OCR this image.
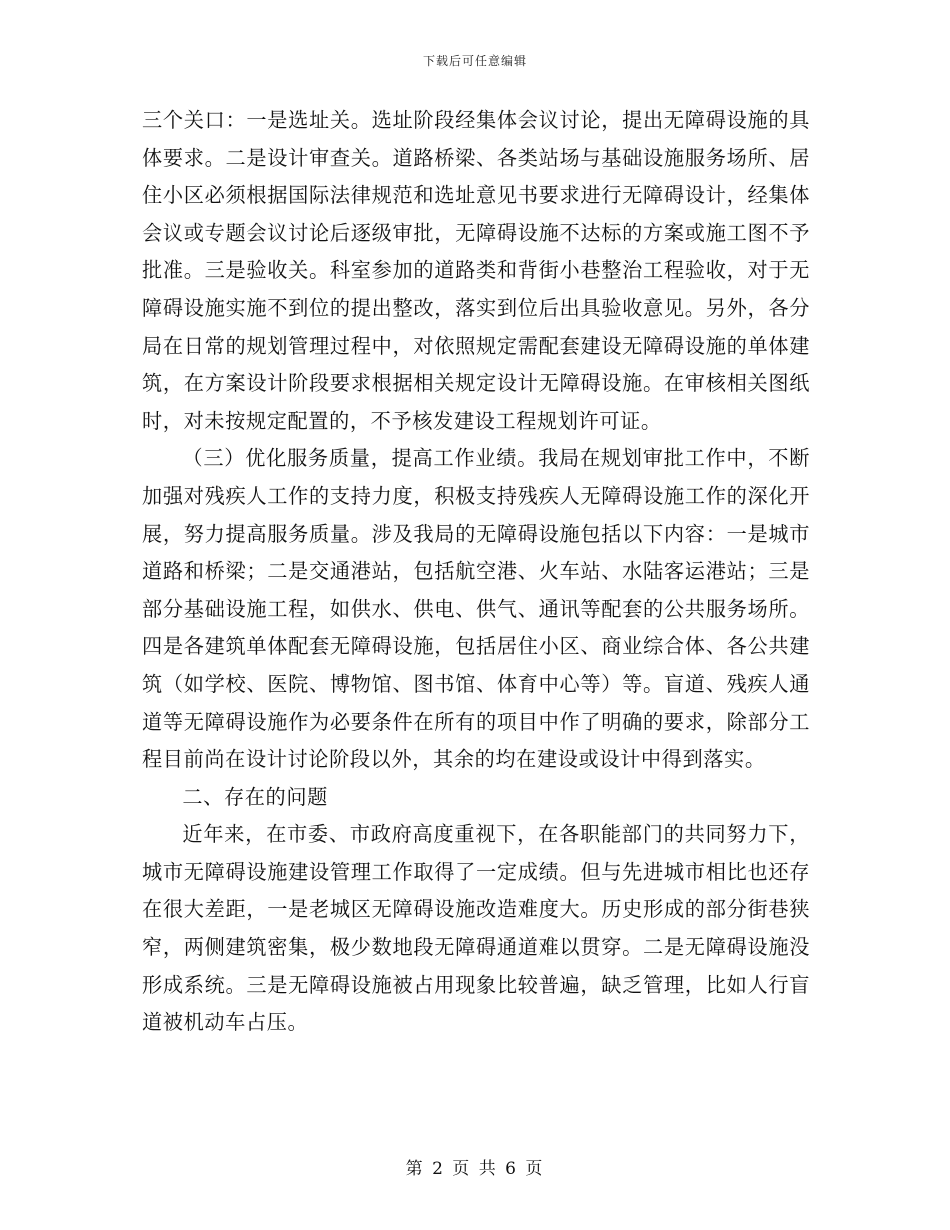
下载后可任意编辑

三个关口：一是选址关。选址阶段经集体会议讨论，提出无障碍设施的具体要求。二是设计审查关。道路桥梁、各类站场与基础设施服务场所、居住小区必须根据国际法律规范和选址意见书要求进行无障碍设计，经集体会议或专题会议讨论后逐级审批，无障碍设施不达标的方案或施工图不予批准。三是验收关。科室参加的道路类和背街小巷整治工程验收，对于无障碍设施实施不到位的提出整改，落实到位后出具验收意见。另外，各分局在日常的规划管理过程中，对依照规定需配套建设无障碍设施的单体建筑，在方案设计阶段要求根据相关规定设计无障碍设施。在审核相关图纸时，对未按规定配置的，不予核发建设工程规划许可证。

（三）优化服务质量，提高工作业绩。我局在规划审批工作中，不断加强对残疾人工作的支持力度，积极支持残疾人无障碍设施工作的深化开展，努力提高服务质量。涉及我局的无障碍设施包括以下内容：一是城市道路和桥梁；二是交通港站，包括航空港、火车站、水陆客运港站；三是部分基础设施工程，如供水、供电、供气、通讯等配套的公共服务场所。四是各建筑单体配套无障碍设施，包括居住小区、商业综合体、各公共建筑（如学校、医院、博物馆、图书馆、体育中心等）等。盲道、残疾人通道等无障碍设施作为必要条件在所有的项目中作了明确的要求，除部分工程目前尚在设计讨论阶段以外，其余的均在建设或设计中得到落实。

二、存在的问题

近年来，在市委、市政府高度重视下，在各职能部门的共同努力下，城市无障碍设施建设管理工作取得了一定成绩。但与先进城市相比也还存在很大差距，一是老城区无障碍设施改造难度大。历史形成的部分街巷狭窄，两侧建筑密集，极少数地段无障碍通道难以贯穿。二是无障碍设施没形成系统。三是无障碍设施被占用现象比较普遍，缺乏管理，比如人行盲道被机动车占压。

第 2 页 共 6 页
